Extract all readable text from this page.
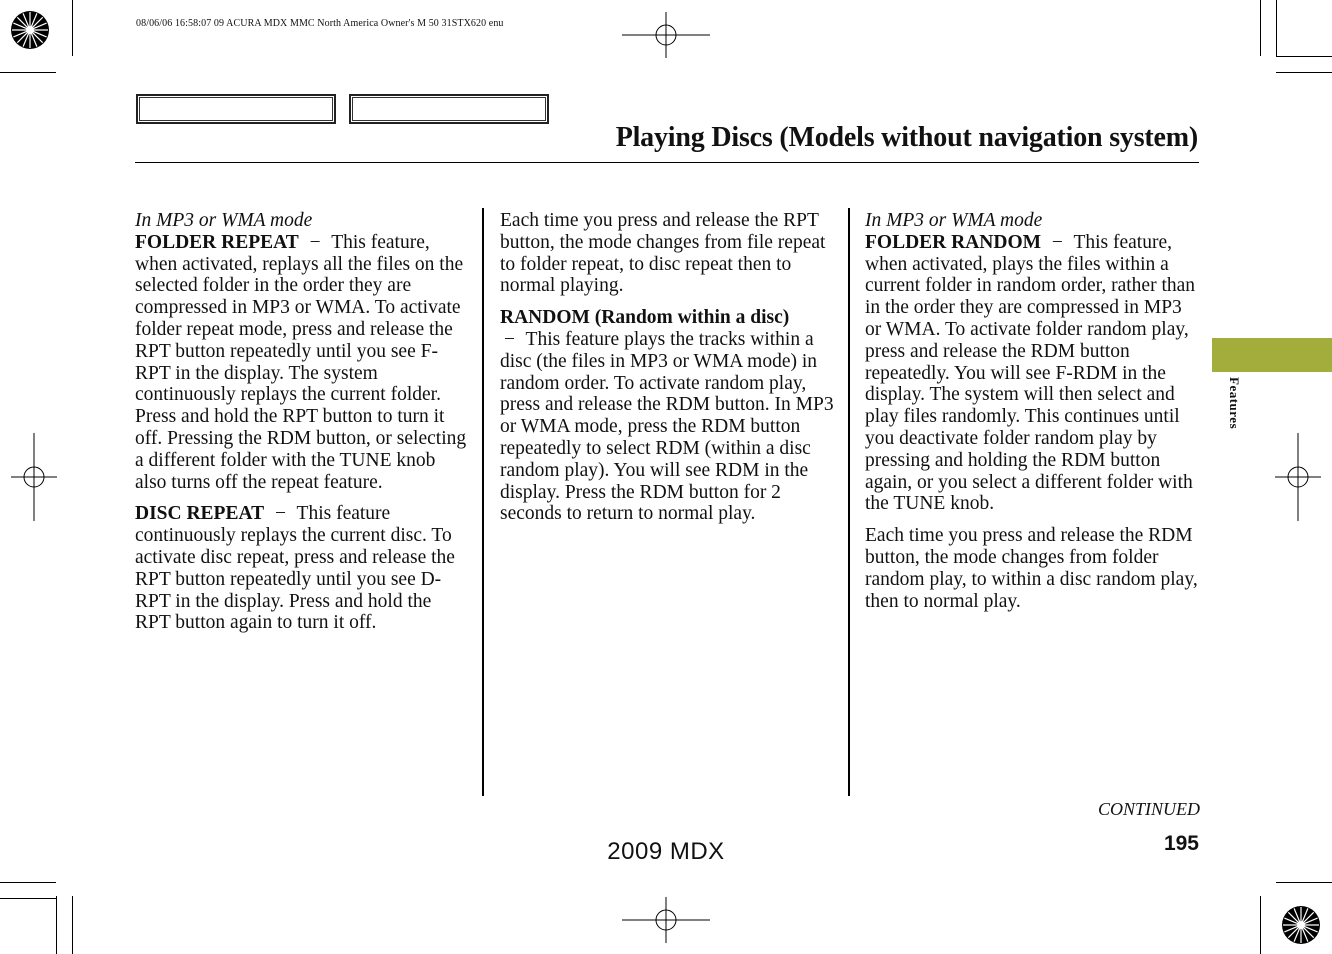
08/06/06 16:58:07 09 ACURA MDX MMC North America Owner's M 50 31STX620 enu
Playing Discs (Models without navigation system)
Features

In MP3 or WMA mode
FOLDER REPEAT − This feature, when activated, replays all the files on the selected folder in the order they are compressed in MP3 or WMA. To activate folder repeat mode, press and release the RPT button repeatedly until you see F-RPT in the display. The system continuously replays the current folder. Press and hold the RPT button to turn it off. Pressing the RDM button, or selecting a different folder with the TUNE knob also turns off the repeat feature.

DISC REPEAT − This feature continuously replays the current disc. To activate disc repeat, press and release the RPT button repeatedly until you see D-RPT in the display. Press and hold the RPT button again to turn it off.

Each time you press and release the RPT button, the mode changes from file repeat to folder repeat, to disc repeat then to normal playing.

RANDOM (Random within a disc)
− This feature plays the tracks within a disc (the files in MP3 or WMA mode) in random order. To activate random play, press and release the RDM button. In MP3 or WMA mode, press the RDM button repeatedly to select RDM (within a disc random play). You will see RDM in the display. Press the RDM button for 2 seconds to return to normal play.

In MP3 or WMA mode
FOLDER RANDOM − This feature, when activated, plays the files within a current folder in random order, rather than in the order they are compressed in MP3 or WMA. To activate folder random play, press and release the RDM button repeatedly. You will see F-RDM in the display. The system will then select and play files randomly. This continues until you deactivate folder random play by pressing and holding the RDM button again, or you select a different folder with the TUNE knob.

Each time you press and release the RDM button, the mode changes from folder random play, to within a disc random play, then to normal play.

CONTINUED
195
2009 MDX
